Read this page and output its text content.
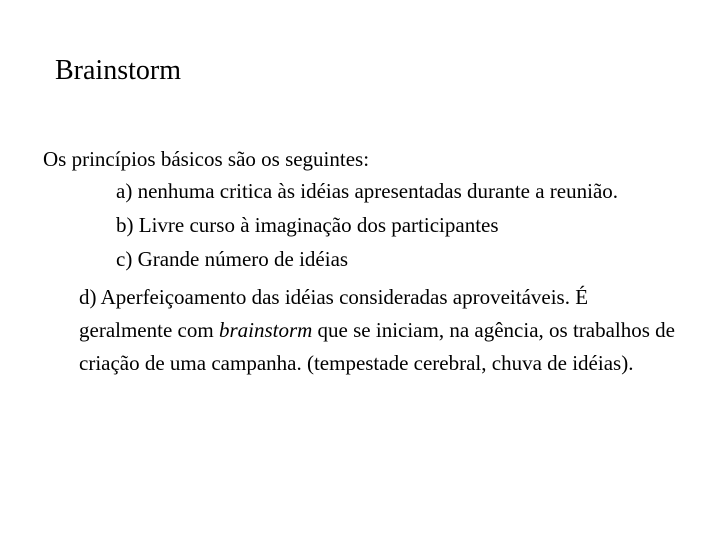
Brainstorm
Os princípios básicos são os seguintes:
a) nenhuma critica às idéias apresentadas durante a reunião.
b) Livre curso à imaginação dos participantes
c) Grande número de idéias
d) Aperfeiçoamento das idéias consideradas aproveitáveis. É geralmente com brainstorm que se iniciam, na agência, os trabalhos de criação de uma campanha. (tempestade cerebral, chuva de idéias).
